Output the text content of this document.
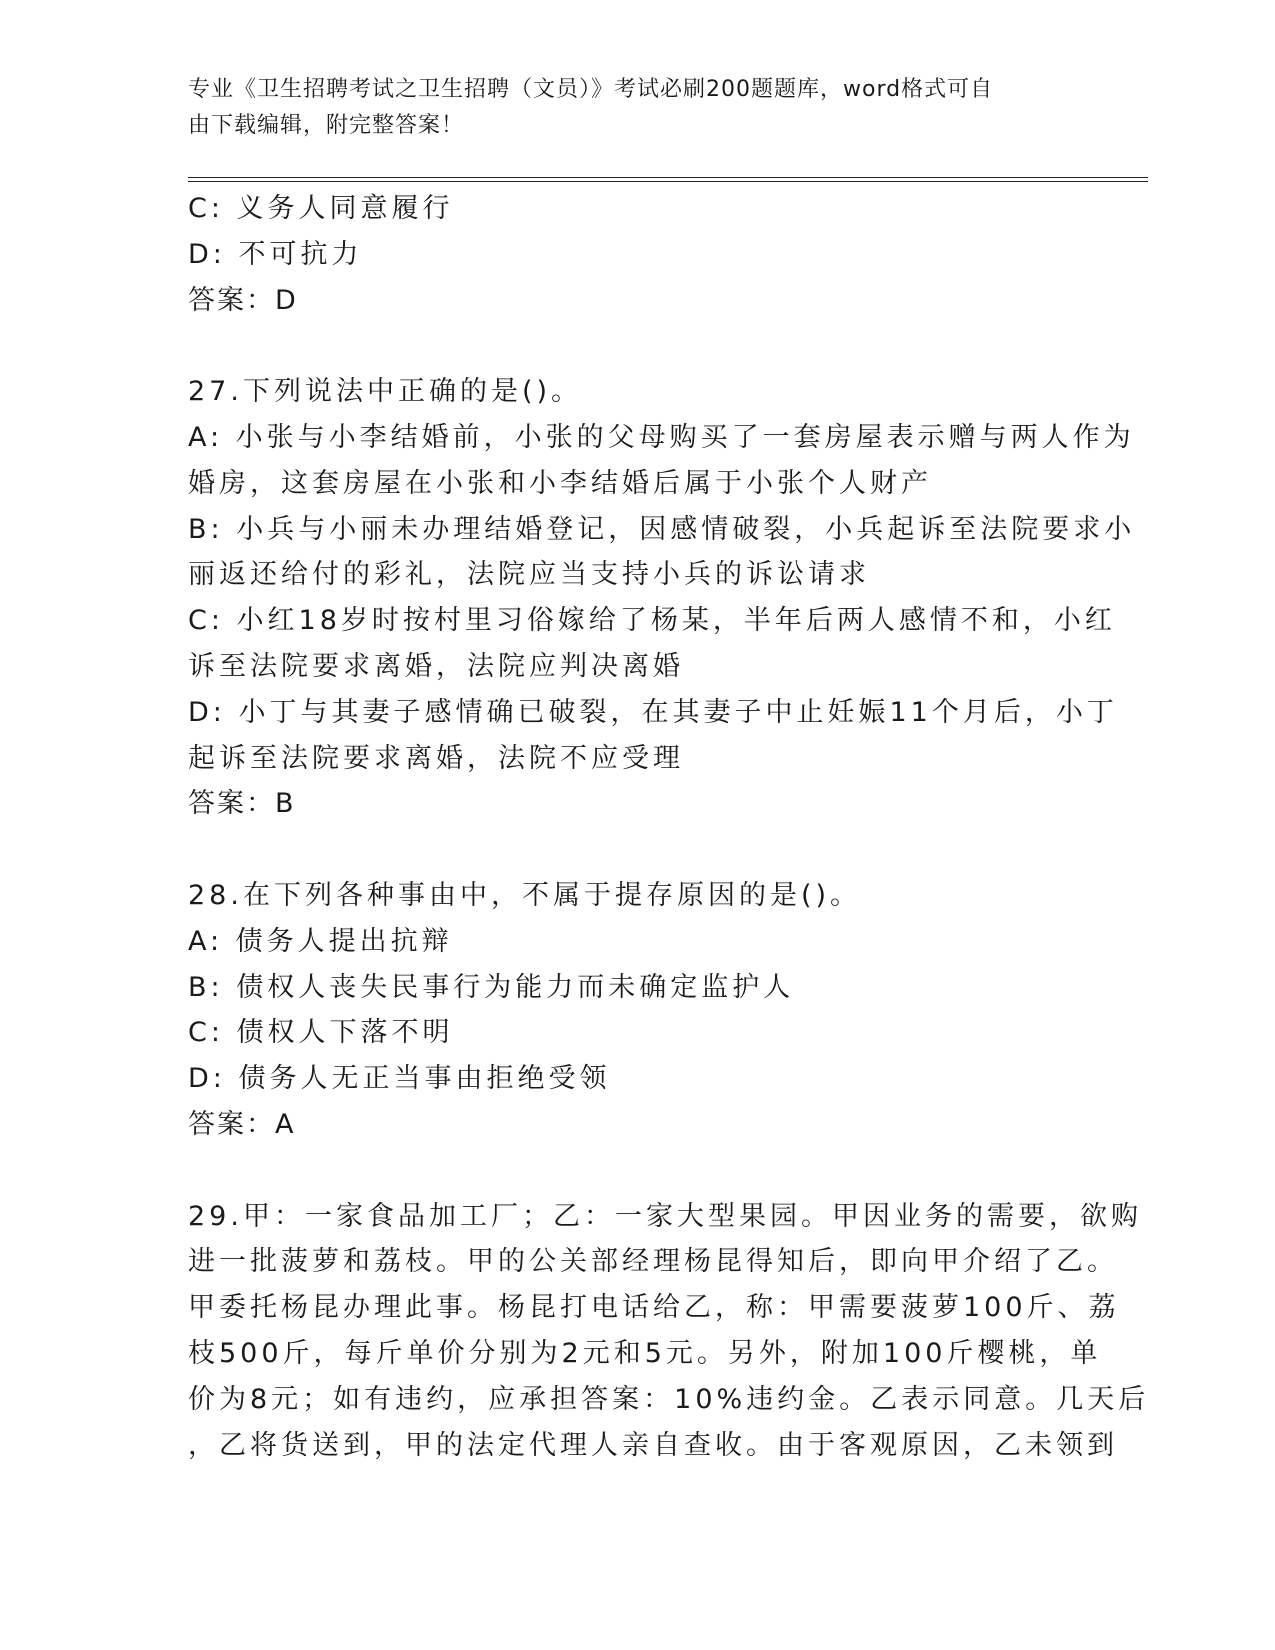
专业《卫生招聘考试之卫生招聘（文员）》考试必刷200题题库，word格式可自
由下载编辑，附完整答案！
C: 义务人同意履行
D: 不可抗力
答案：D
27.下列说法中正确的是()。
A: 小张与小李结婚前，小张的父母购买了一套房屋表示赠与两人作为
婚房，这套房屋在小张和小李结婚后属于小张个人财产
B: 小兵与小丽未办理结婚登记，因感情破裂，小兵起诉至法院要求小
丽返还给付的彩礼，法院应当支持小兵的诉讼请求
C: 小红18岁时按村里习俗嫁给了杨某，半年后两人感情不和，小红
诉至法院要求离婚，法院应判决离婚
D: 小丁与其妻子感情确已破裂，在其妻子中止妊娠11个月后，小丁
起诉至法院要求离婚，法院不应受理
答案：B
28.在下列各种事由中，不属于提存原因的是()。
A: 债务人提出抗辩
B: 债权人丧失民事行为能力而未确定监护人
C: 债权人下落不明
D: 债务人无正当事由拒绝受领
答案：A
29.甲：一家食品加工厂；乙：一家大型果园。甲因业务的需要，欲购
进一批菠萝和荔枝。甲的公关部经理杨昆得知后，即向甲介绍了乙。
甲委托杨昆办理此事。杨昆打电话给乙，称：甲需要菠萝100斤、荔
枝500斤，每斤单价分别为2元和5元。另外，附加100斤樱桃，单
价为8元；如有违约，应承担答案：10%违约金。乙表示同意。几天后
，乙将货送到，甲的法定代理人亲自查收。由于客观原因，乙未领到
